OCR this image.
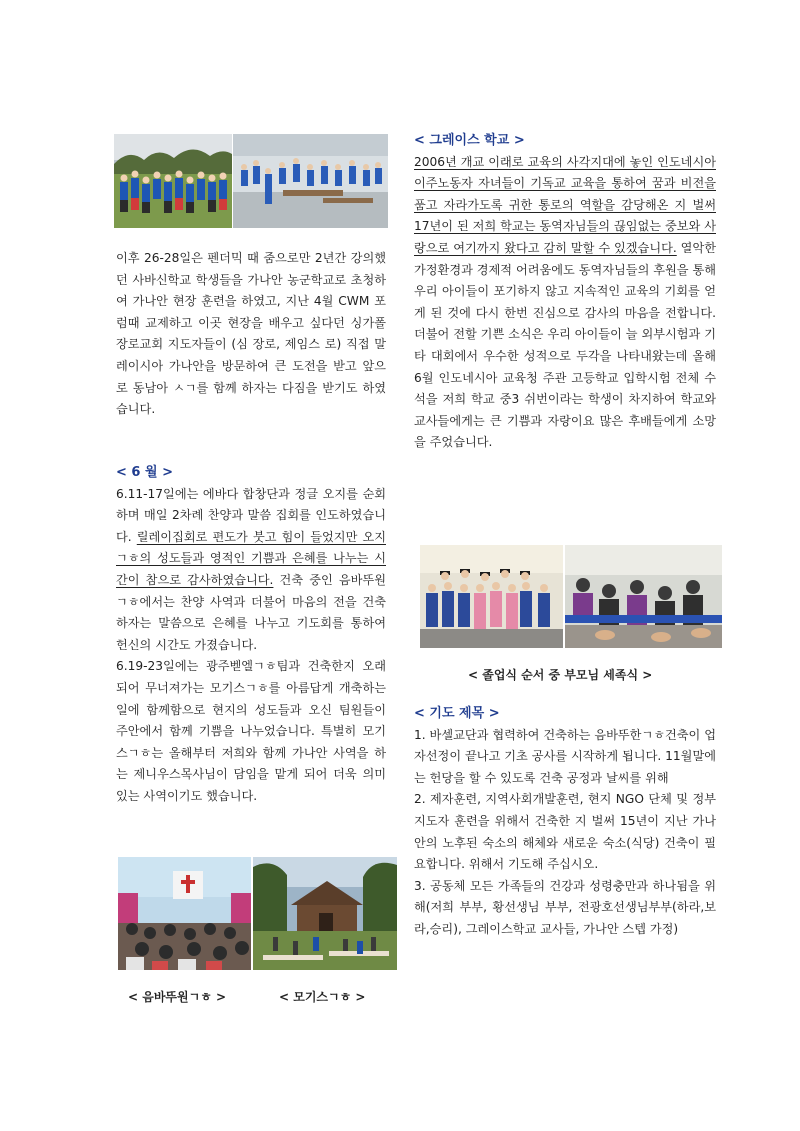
이후 26-28일은 펜더믹 때 줌으로만 2년간 강의했던 사바신학교 학생들을 가나안 농군학교로 초청하여 가나안 현장 훈련을 하였고, 지난 4월 CWM 포럼때 교제하고 이곳 현장을 배우고 싶다던 싱가폴 장로교회 지도자들이 (심 장로, 제임스 로) 직접 말레이시아 가나안을 방문하여 큰 도전을 받고 앞으로 동남아 ㅅㄱ를 함께 하자는 다짐을 받기도 하였습니다.

< 6 월 >

6.11-17일에는 에바다 합창단과 정글 오지를 순회하며 매일 2차례 찬양과 말씀 집회를 인도하였습니다. 릴레이집회로 편도가 붓고 힘이 들었지만 오지 ㄱㅎ의 성도들과 영적인 기쁨과 은혜를 나누는 시간이 참으로 감사하였습니다. 건축 중인 음바뚜원ㄱㅎ에서는 찬양 사역과 더불어 마음의 전을 건축하자는 말씀으로 은혜를 나누고 기도회를 통하여 헌신의 시간도 가졌습니다.

6.19-23일에는 광주벧엘ㄱㅎ팀과 건축한지 오래되어 무너져가는 모기스ㄱㅎ를 아름답게 개축하는 일에 함께함으로 현지의 성도들과 오신 팀원들이 주안에서 함께 기쁨을 나누었습니다. 특별히 모기스ㄱㅎ는 올해부터 저희와 함께 가나안 사역을 하는 제니우스목사님이 담임을 맡게 되어 더욱 의미있는 사역이기도 했습니다.

< 음바뚜원ㄱㅎ >	< 모기스ㄱㅎ >

< 그레이스 학교 >

2006년 개교 이래로 교육의 사각지대에 놓인 인도네시아 이주노동자 자녀들이 기독교 교육을 통하여 꿈과 비전을 품고 자라가도록 귀한 통로의 역할을 감당해온 지 벌써 17년이 된 저희 학교는 동역자님들의 끊임없는 중보와 사랑으로 여기까지 왔다고 감히 말할 수 있겠습니다. 열악한 가정환경과 경제적 어려움에도 동역자님들의 후원을 통해 우리 아이들이 포기하지 않고 지속적인 교육의 기회를 얻게 된 것에 다시 한번 진심으로 감사의 마음을 전합니다. 더불어 전할 기쁜 소식은 우리 아이들이 늘 외부시험과 기타 대회에서 우수한 성적으로 두각을 나타내왔는데 올해 6월 인도네시아 교육청 주관 고등학교 입학시험 전체 수석을 저희 학교 중3 쉬번이라는 학생이 차지하여 학교와 교사들에게는 큰 기쁨과 자랑이요 많은 후배들에게 소망을 주었습니다.

< 졸업식 순서 중 부모님 세족식 >

< 기도 제목 >

1. 바셀교단과 협력하여 건축하는 음바뚜한ㄱㅎ건축이 업자선정이 끝나고 기초 공사를 시작하게 됩니다. 11월말에는 헌당을 할 수 있도록 건축 공정과 날씨를 위해

2. 제자훈련, 지역사회개발훈련, 현지 NGO 단체 및 정부 지도자 훈련을 위해서 건축한 지 벌써 15년이 지난 가나안의 노후된 숙소의 해체와 새로운 숙소(식당) 건축이 필요합니다. 위해서 기도해 주십시오.

3. 공동체 모든 가족들의 건강과 성령충만과 하나됨을 위해(저희 부부, 황선생님 부부, 전광호선생님부부(하라,보라,승리), 그레이스학교 교사들, 가나안 스텝 가정)
